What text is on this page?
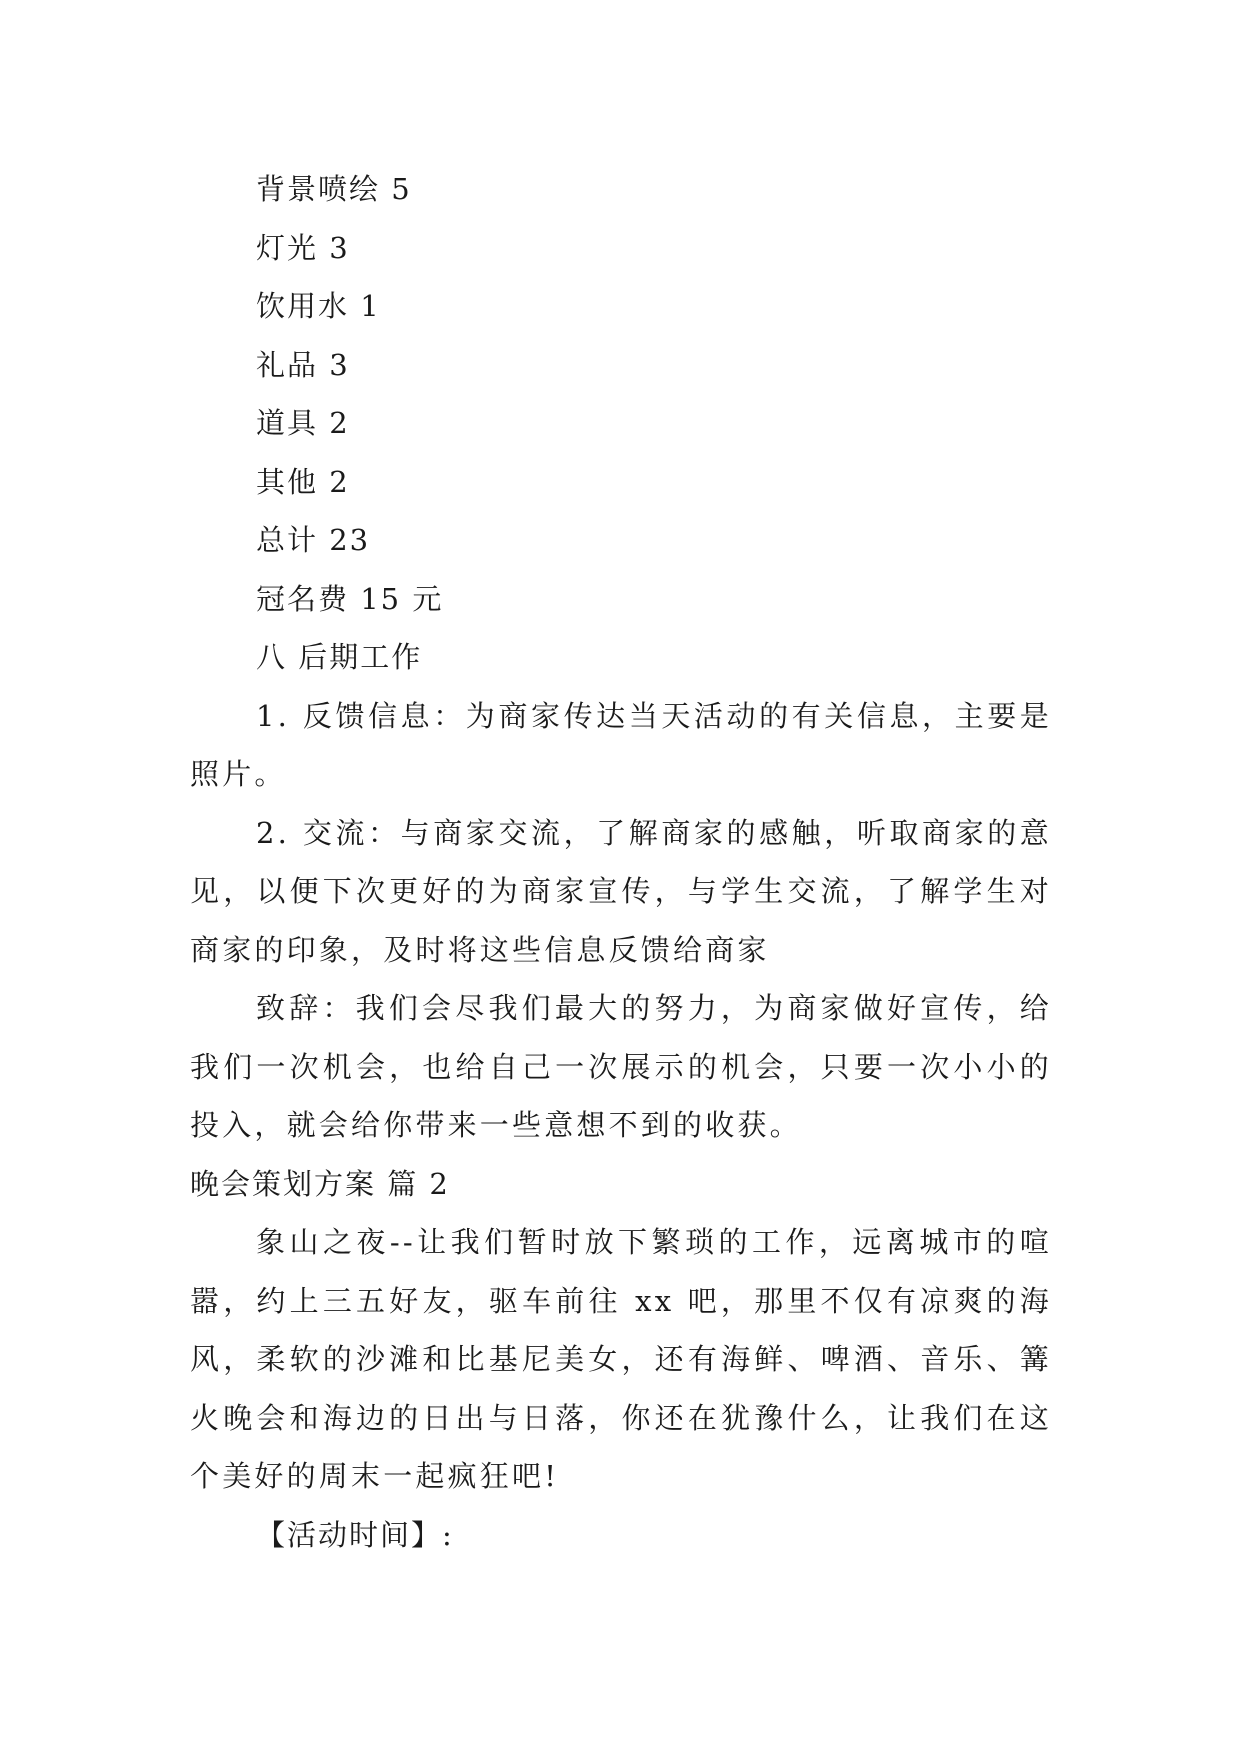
背景喷绘 5
灯光 3
饮用水 1
礼品 3
道具 2
其他 2
总计 23
冠名费 15 元
八 后期工作

1. 反馈信息：为商家传达当天活动的有关信息，主要是照片。

2. 交流：与商家交流，了解商家的感触，听取商家的意见，以便下次更好的为商家宣传，与学生交流，了解学生对商家的印象，及时将这些信息反馈给商家

致辞：我们会尽我们最大的努力，为商家做好宣传，给我们一次机会，也给自己一次展示的机会，只要一次小小的投入，就会给你带来一些意想不到的收获。

晚会策划方案 篇 2

象山之夜--让我们暂时放下繁琐的工作，远离城市的喧嚣，约上三五好友，驱车前往 xx 吧，那里不仅有凉爽的海风，柔软的沙滩和比基尼美女，还有海鲜、啤酒、音乐、篝火晚会和海边的日出与日落，你还在犹豫什么，让我们在这个美好的周末一起疯狂吧!

【活动时间】:
